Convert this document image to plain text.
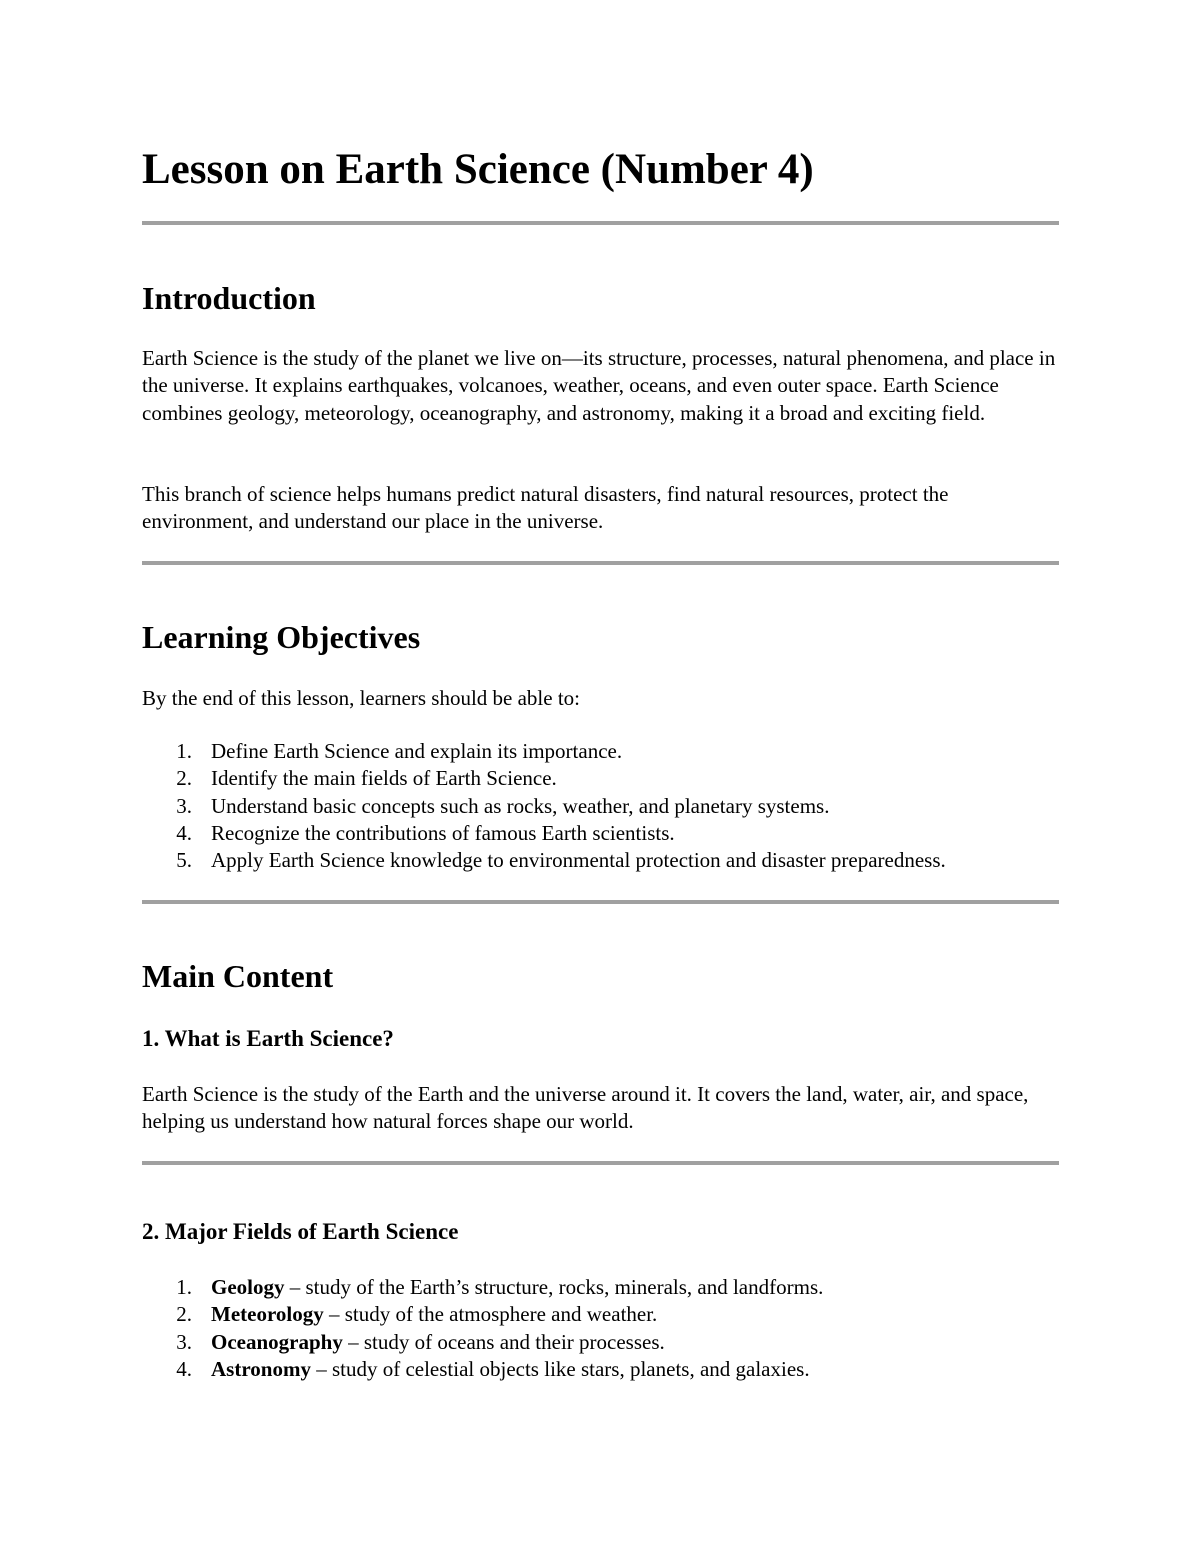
Lesson on Earth Science (Number 4)
Introduction

Earth Science is the study of the planet we live on—its structure, processes, natural phenomena, and place in the universe. It explains earthquakes, volcanoes, weather, oceans, and even outer space. Earth Science combines geology, meteorology, oceanography, and astronomy, making it a broad and exciting field.

This branch of science helps humans predict natural disasters, find natural resources, protect the environment, and understand our place in the universe.

Learning Objectives

By the end of this lesson, learners should be able to:

1. Define Earth Science and explain its importance.
2. Identify the main fields of Earth Science.
3. Understand basic concepts such as rocks, weather, and planetary systems.
4. Recognize the contributions of famous Earth scientists.
5. Apply Earth Science knowledge to environmental protection and disaster preparedness.
Main Content
1. What is Earth Science?

Earth Science is the study of the Earth and the universe around it. It covers the land, water, air, and space, helping us understand how natural forces shape our world.

2. Major Fields of Earth Science
1. Geology – study of the Earth’s structure, rocks, minerals, and landforms.
2. Meteorology – study of the atmosphere and weather.
3. Oceanography – study of oceans and their processes.
4. Astronomy – study of celestial objects like stars, planets, and galaxies.
